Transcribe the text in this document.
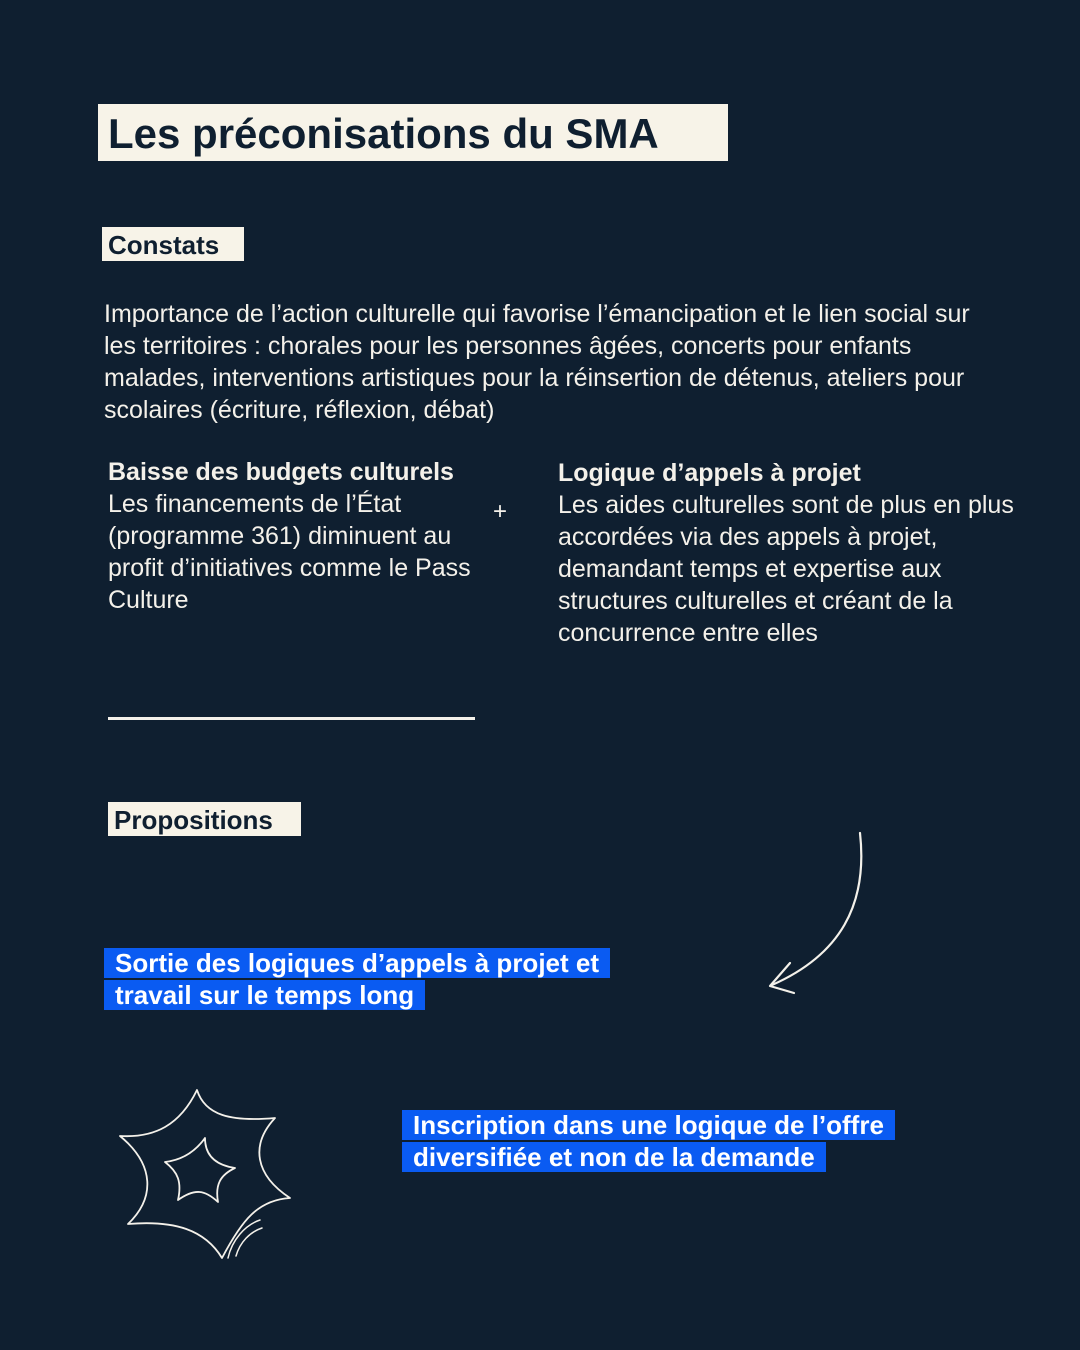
Les préconisations du SMA
Constats

Importance de l’action culturelle qui favorise l’émancipation et le lien social sur les territoires : chorales pour les personnes âgées, concerts pour enfants malades, interventions artistiques pour la réinsertion de détenus, ateliers pour scolaires (écriture, réflexion, débat)

Baisse des budgets culturels
Les financements de l’État (programme 361) diminuent au profit d’initiatives comme le Pass Culture
+
Logique d’appels à projet
Les aides culturelles sont de plus en plus accordées via des appels à projet, demandant temps et expertise aux structures culturelles et créant de la concurrence entre elles
Propositions
Sortie des logiques d’appels à projet et travail sur le temps long
Inscription dans une logique de l’offre diversifiée et non de la demande
